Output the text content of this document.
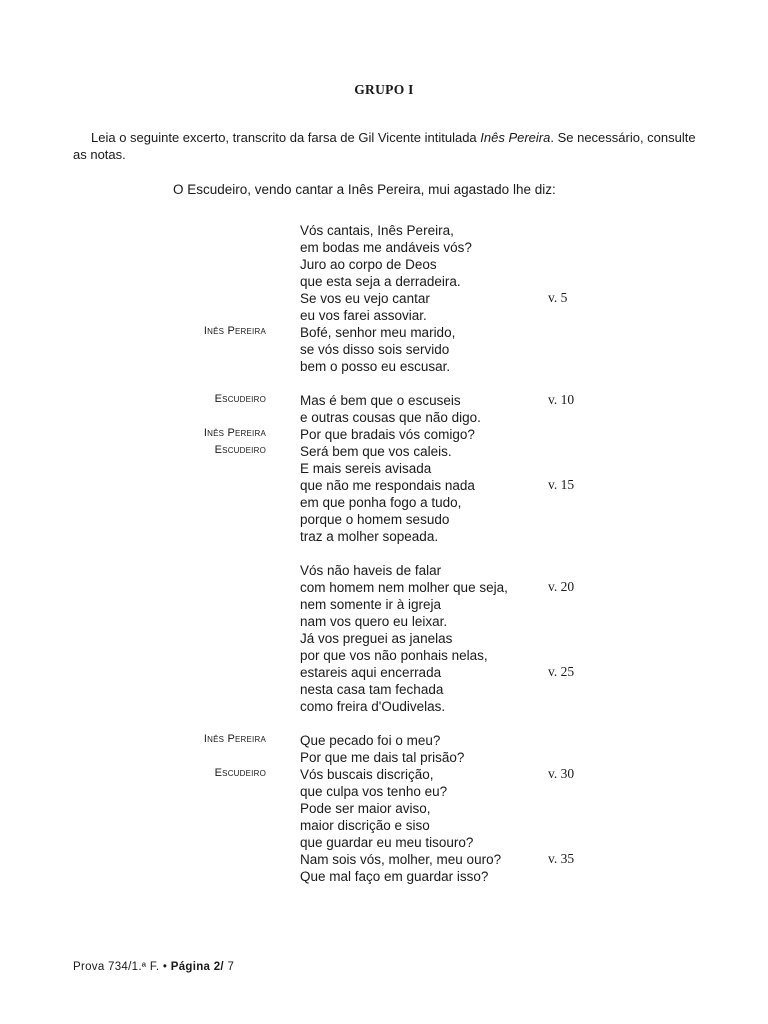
GRUPO I
Leia o seguinte excerto, transcrito da farsa de Gil Vicente intitulada Inês Pereira. Se necessário, consulte
as notas.
O Escudeiro, vendo cantar a Inês Pereira, mui agastado lhe diz:
Vós cantais, Inês Pereira,
em bodas me andáveis vós?
Juro ao corpo de Deos
que esta seja a derradeira.
Se vos eu vejo cantar	v. 5
eu vos farei assoviar.
Inês Pereira	Bofé, senhor meu marido,
se vós disso sois servido
bem o posso eu escusar.
Escudeiro	Mas é bem que o escuseis	v. 10
e outras cousas que não digo.
Inês Pereira	Por que bradais vós comigo?
Escudeiro	Será bem que vos caleis.
E mais sereis avisada
que não me respondais nada	v. 15
em que ponha fogo a tudo,
porque o homem sesudo
traz a molher sopeada.
Vós não haveis de falar
com homem nem molher que seja,	v. 20
nem somente ir à igreja
nam vos quero eu leixar.
Já vos preguei as janelas
por que vos não ponhais nelas,
estareis aqui encerrada	v. 25
nesta casa tam fechada
como freira d'Oudivelas.
Inês Pereira	Que pecado foi o meu?
Por que me dais tal prisão?
Escudeiro	Vós buscais discrição,	v. 30
que culpa vos tenho eu?
Pode ser maior aviso,
maior discrição e siso
que guardar eu meu tisouro?
Nam sois vós, molher, meu ouro?	v. 35
Que mal faço em guardar isso?
Prova 734/1.ª F. • Página 2/ 7
